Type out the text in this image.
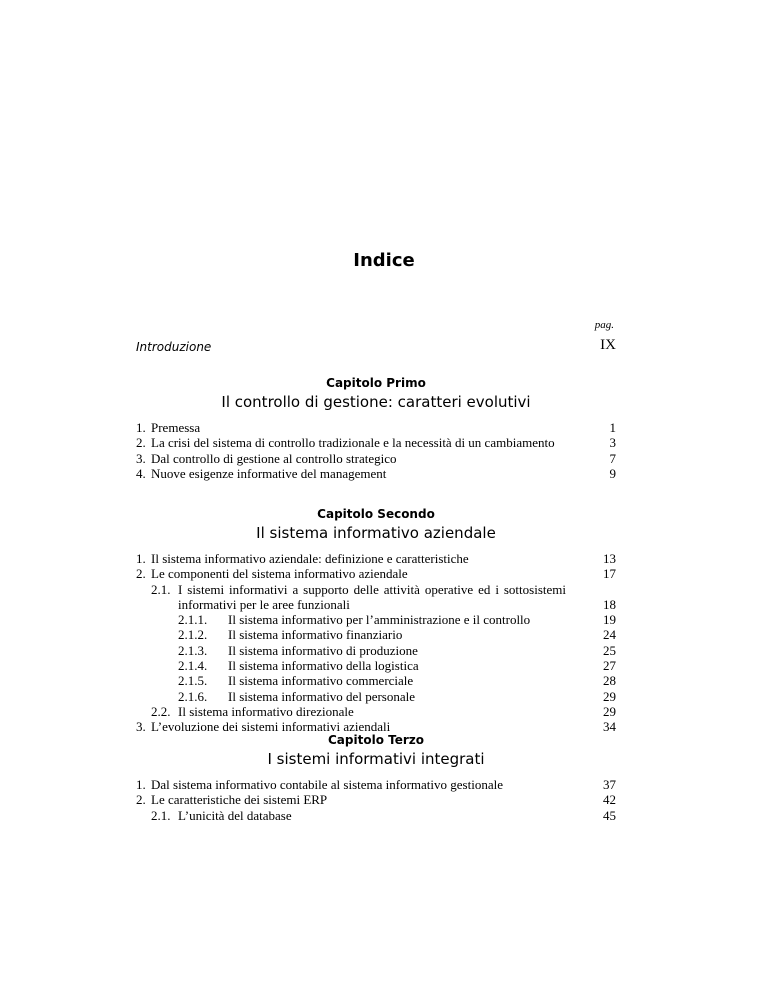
Indice
pag.
Introduzione	IX
Capitolo Primo
Il controllo di gestione: caratteri evolutivi
1. Premessa	1
2. La crisi del sistema di controllo tradizionale e la necessità di un cambiamento	3
3. Dal controllo di gestione al controllo strategico	7
4. Nuove esigenze informative del management	9
Capitolo Secondo
Il sistema informativo aziendale
1. Il sistema informativo aziendale: definizione e caratteristiche	13
2. Le componenti del sistema informativo aziendale	17
2.1. I sistemi informativi a supporto delle attività operative ed i sottosistemi informativi per le aree funzionali	18
2.1.1. Il sistema informativo per l’amministrazione e il controllo	19
2.1.2. Il sistema informativo finanziario	24
2.1.3. Il sistema informativo di produzione	25
2.1.4. Il sistema informativo della logistica	27
2.1.5. Il sistema informativo commerciale	28
2.1.6. Il sistema informativo del personale	29
2.2. Il sistema informativo direzionale	29
3. L’evoluzione dei sistemi informativi aziendali	34
Capitolo Terzo
I sistemi informativi integrati
1. Dal sistema informativo contabile al sistema informativo gestionale	37
2. Le caratteristiche dei sistemi ERP	42
2.1. L’unicità del database	45
